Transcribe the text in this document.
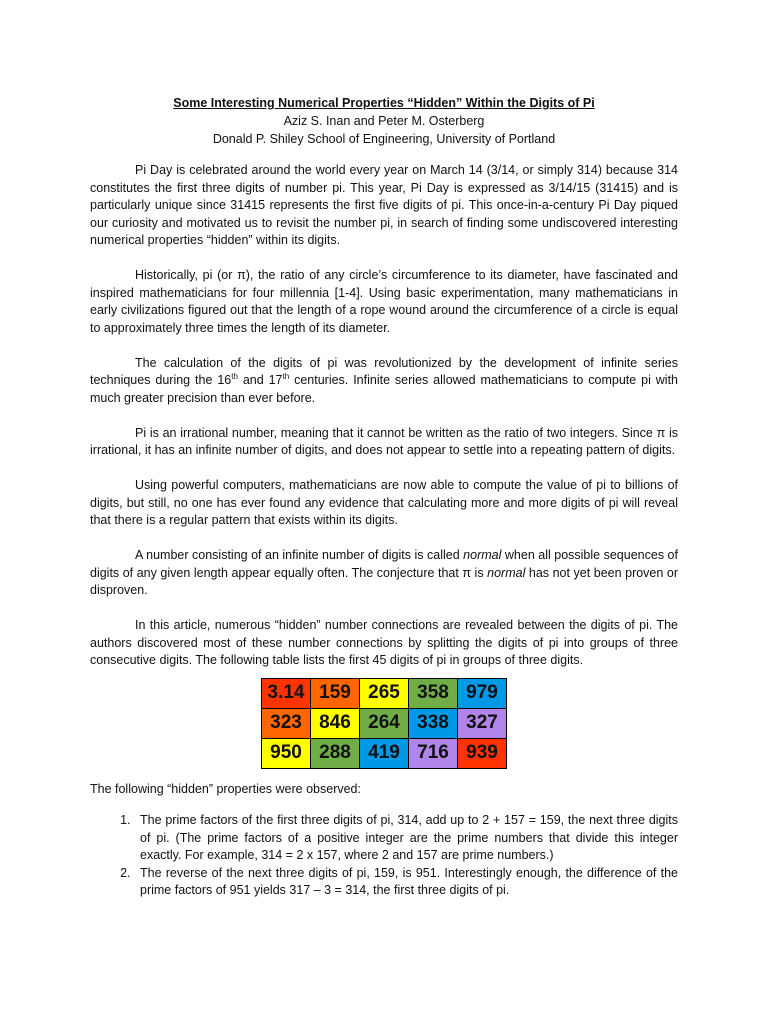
Some Interesting Numerical Properties “Hidden” Within the Digits of Pi
Aziz S. Inan and Peter M. Osterberg
Donald P. Shiley School of Engineering, University of Portland

Pi Day is celebrated around the world every year on March 14 (3/14, or simply 314) because 314 constitutes the first three digits of number pi. This year, Pi Day is expressed as 3/14/15 (31415) and is particularly unique since 31415 represents the first five digits of pi. This once-in-a-century Pi Day piqued our curiosity and motivated us to revisit the number pi, in search of finding some undiscovered interesting numerical properties “hidden” within its digits.

Historically, pi (or π), the ratio of any circle’s circumference to its diameter, have fascinated and inspired mathematicians for four millennia [1-4]. Using basic experimentation, many mathematicians in early civilizations figured out that the length of a rope wound around the circumference of a circle is equal to approximately three times the length of its diameter.

The calculation of the digits of pi was revolutionized by the development of infinite series techniques during the 16th and 17th centuries. Infinite series allowed mathematicians to compute pi with much greater precision than ever before.

Pi is an irrational number, meaning that it cannot be written as the ratio of two integers. Since π is irrational, it has an infinite number of digits, and does not appear to settle into a repeating pattern of digits.

Using powerful computers, mathematicians are now able to compute the value of pi to billions of digits, but still, no one has ever found any evidence that calculating more and more digits of pi will reveal that there is a regular pattern that exists within its digits.

A number consisting of an infinite number of digits is called normal when all possible sequences of digits of any given length appear equally often. The conjecture that π is normal has not yet been proven or disproven.

In this article, numerous “hidden” number connections are revealed between the digits of pi. The authors discovered most of these number connections by splitting the digits of pi into groups of three consecutive digits. The following table lists the first 45 digits of pi in groups of three digits.

3.14	159	265	358	979
323	846	264	338	327
950	288	419	716	939

The following “hidden” properties were observed:

1. The prime factors of the first three digits of pi, 314, add up to 2 + 157 = 159, the next three digits of pi. (The prime factors of a positive integer are the prime numbers that divide this integer exactly. For example, 314 = 2 x 157, where 2 and 157 are prime numbers.)
2. The reverse of the next three digits of pi, 159, is 951. Interestingly enough, the difference of the prime factors of 951 yields 317 – 3 = 314, the first three digits of pi.
